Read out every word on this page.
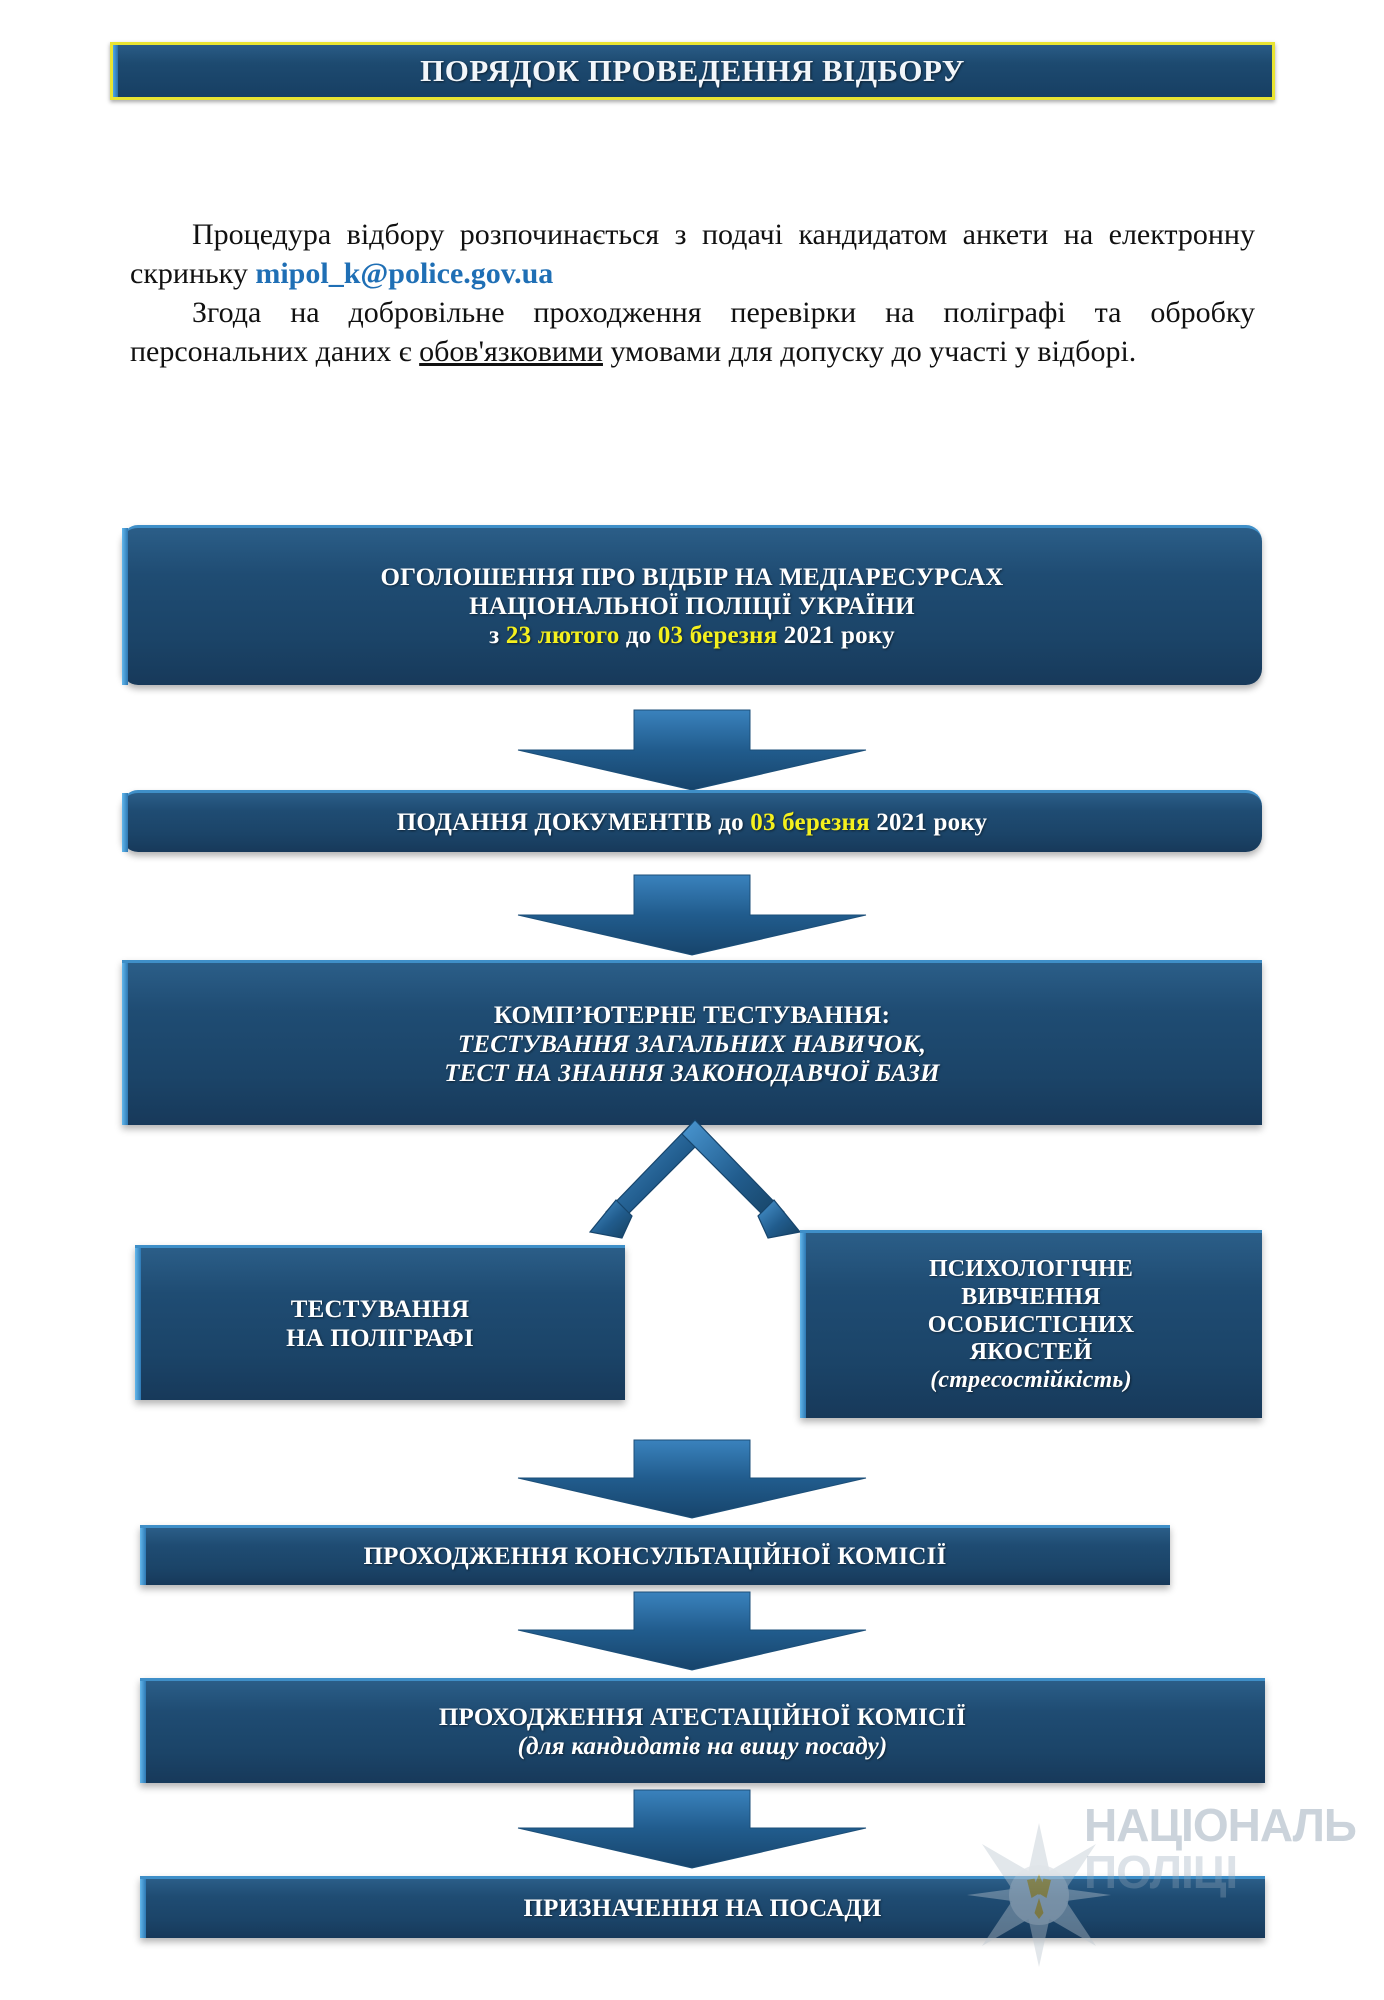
ПОРЯДОК ПРОВЕДЕННЯ ВІДБОРУ

Процедура відбору розпочинається з подачі кандидатом анкети на електронну скриньку mipol_k@police.gov.ua

Згода на добровільне проходження перевірки на поліграфі та обробку персональних даних є обов'язковими умовами для допуску до участі у відборі.

ОГОЛОШЕННЯ ПРО ВІДБІР НА МЕДІАРЕСУРСАХ
НАЦІОНАЛЬНОЇ ПОЛІЦІЇ УКРАЇНИ
з 23 лютого до 03 березня 2021 року
ПОДАННЯ ДОКУМЕНТІВ до 03 березня 2021 року
КОМП’ЮТЕРНЕ ТЕСТУВАННЯ:
ТЕСТУВАННЯ ЗАГАЛЬНИХ НАВИЧОК,
ТЕСТ НА ЗНАННЯ ЗАКОНОДАВЧОЇ БАЗИ
ТЕСТУВАННЯ
НА ПОЛІГРАФІ
ПСИХОЛОГІЧНЕ
ВИВЧЕННЯ
ОСОБИСТІСНИХ
ЯКОСТЕЙ
(стресостійкість)
ПРОХОДЖЕННЯ КОНСУЛЬТАЦІЙНОЇ КОМІСІЇ
ПРОХОДЖЕННЯ АТЕСТАЦІЙНОЇ КОМІСІЇ
(для кандидатів на вищу посаду)
ПРИЗНАЧЕННЯ НА ПОСАДИ
НАЦІОНАЛЬ
ПОЛІЦІ
